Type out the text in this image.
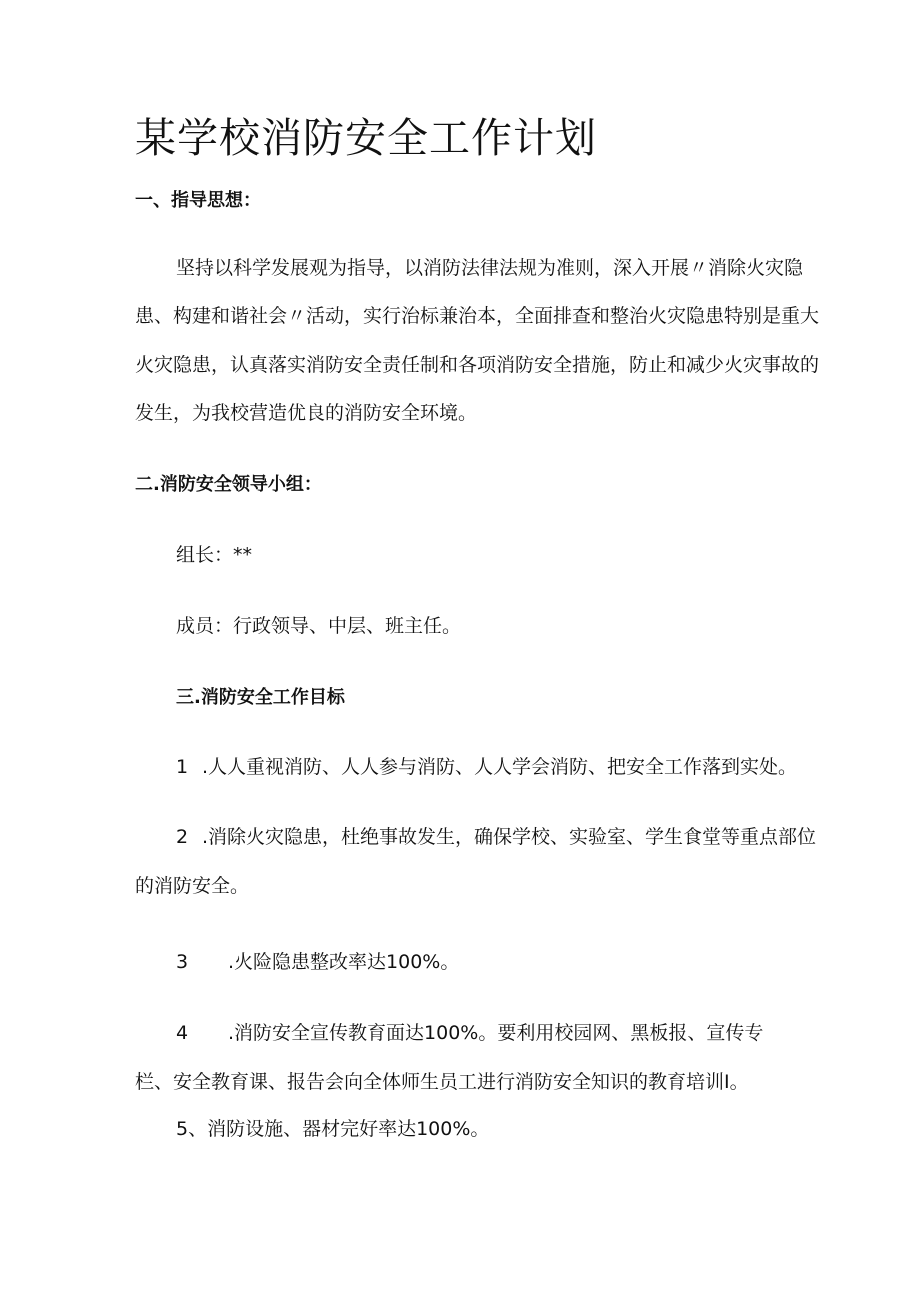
某学校消防安全工作计划
一、指导思想：
坚持以科学发展观为指导，以消防法律法规为准则，深入开展〃消除火灾隐
患、构建和谐社会〃活动，实行治标兼治本，全面排查和整治火灾隐患特别是重大
火灾隐患，认真落实消防安全责任制和各项消防安全措施，防止和减少火灾事故的
发生，为我校营造优良的消防安全环境。
二.消防安全领导小组：
组长：**
成员：行政领导、中层、班主任。
三.消防安全工作目标
1 .人人重视消防、人人参与消防、人人学会消防、把安全工作落到实处。
2 .消除火灾隐患，杜绝事故发生，确保学校、实验室、学生食堂等重点部位
的消防安全。
3 .火险隐患整改率达100%。
4 .消防安全宣传教育面达100%。要利用校园网、黑板报、宣传专
栏、安全教育课、报告会向全体师生员工进行消防安全知识的教育培训I。
5、消防设施、器材完好率达100%。
